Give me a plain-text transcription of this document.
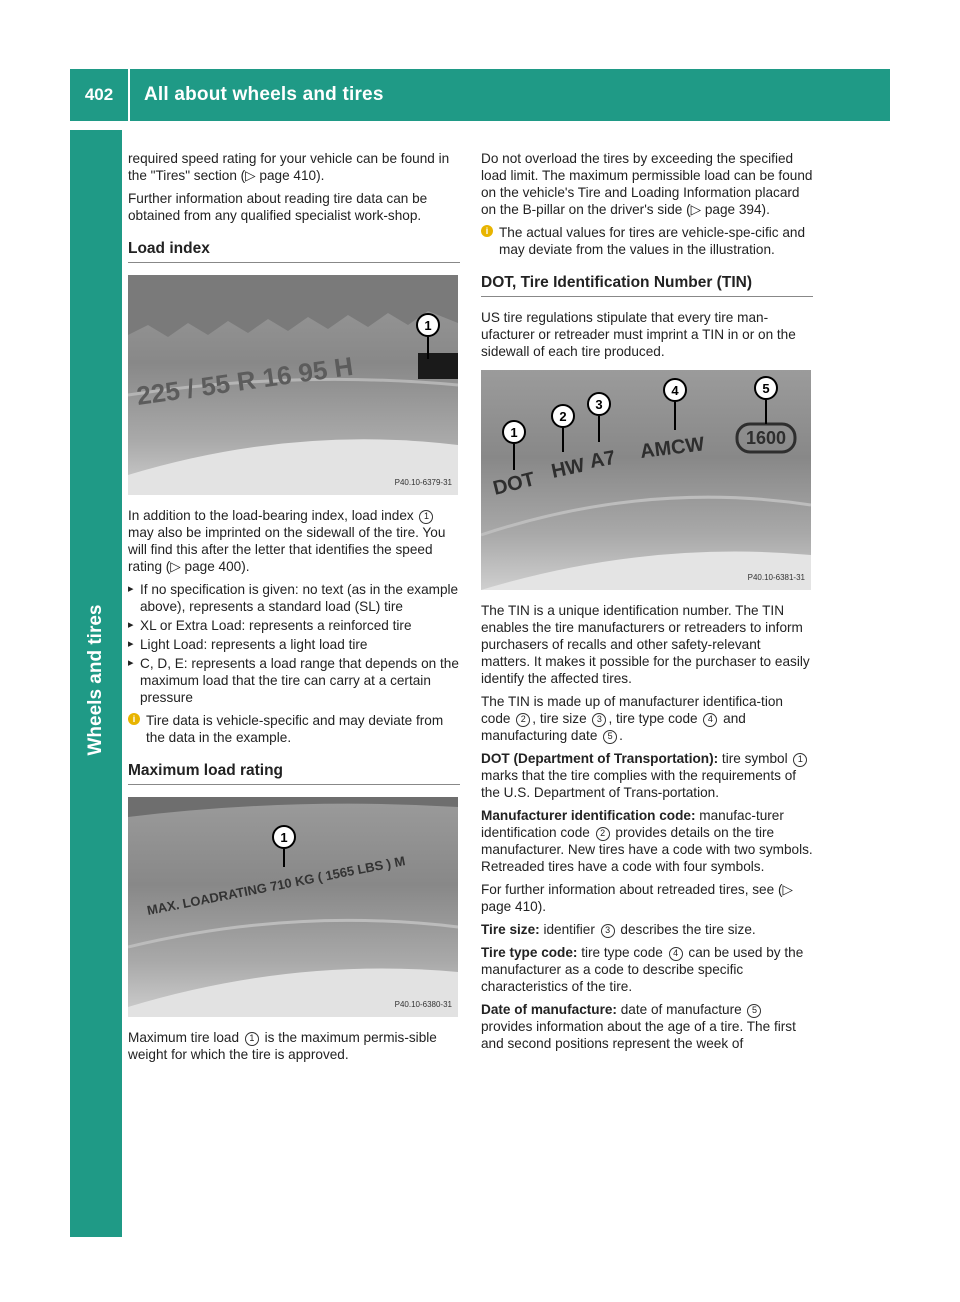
402	All about wheels and tires
Wheels and tires

required speed rating for your vehicle can be found in the "Tires" section (▷ page 410).

Further information about reading tire data can be obtained from any qualified specialist work-shop.

Load index
1
225 / 55 R 16 95 H
P40.10-6379-31

In addition to the load-bearing index, load index 1 may also be imprinted on the sidewall of the tire. You will find this after the letter that identifies the speed rating (▷ page 400).

▸ If no specification is given: no text (as in the example above), represents a standard load (SL) tire
▸ XL or Extra Load: represents a reinforced tire
▸ Light Load: represents a light load tire
▸ C, D, E: represents a load range that depends on the maximum load that the tire can carry at a certain pressure
i Tire data is vehicle-specific and may deviate from the data in the example.
Maximum load rating
1
MAX. LOADRATING 710 KG ( 1565 LBS ) M
P40.10-6380-31

Maximum tire load 1 is the maximum permis-sible weight for which the tire is approved.

Do not overload the tires by exceeding the specified load limit. The maximum permissible load can be found on the vehicle's Tire and Loading Information placard on the B-pillar on the driver's side (▷ page 394).

i The actual values for tires are vehicle-spe-cific and may deviate from the values in the illustration.
DOT, Tire Identification Number (TIN)

US tire regulations stipulate that every tire man-ufacturer or retreader must imprint a TIN in or on the sidewall of each tire produced.

DOT HW A7 AMCW 1600
1
2
3
4	5
P40.10-6381-31

The TIN is a unique identification number. The TIN enables the tire manufacturers or retreaders to inform purchasers of recalls and other safety-relevant matters. It makes it possible for the purchaser to easily identify the affected tires.

The TIN is made up of manufacturer identifica-tion code 2 , tire size 3 , tire type code 4 and manufacturing date 5 .

DOT (Department of Transportation): tire symbol 1 marks that the tire complies with the requirements of the U.S. Department of Trans-portation.

Manufacturer identification code: manufac-turer identification code 2 provides details on the tire manufacturer. New tires have a code with two symbols. Retreaded tires have a code with four symbols.

For further information about retreaded tires, see (▷ page 410).

Tire size: identifier 3 describes the tire size.

Tire type code: tire type code 4 can be used by the manufacturer as a code to describe specific characteristics of the tire.

Date of manufacture: date of manufacture 5 provides information about the age of a tire. The first and second positions represent the week of
